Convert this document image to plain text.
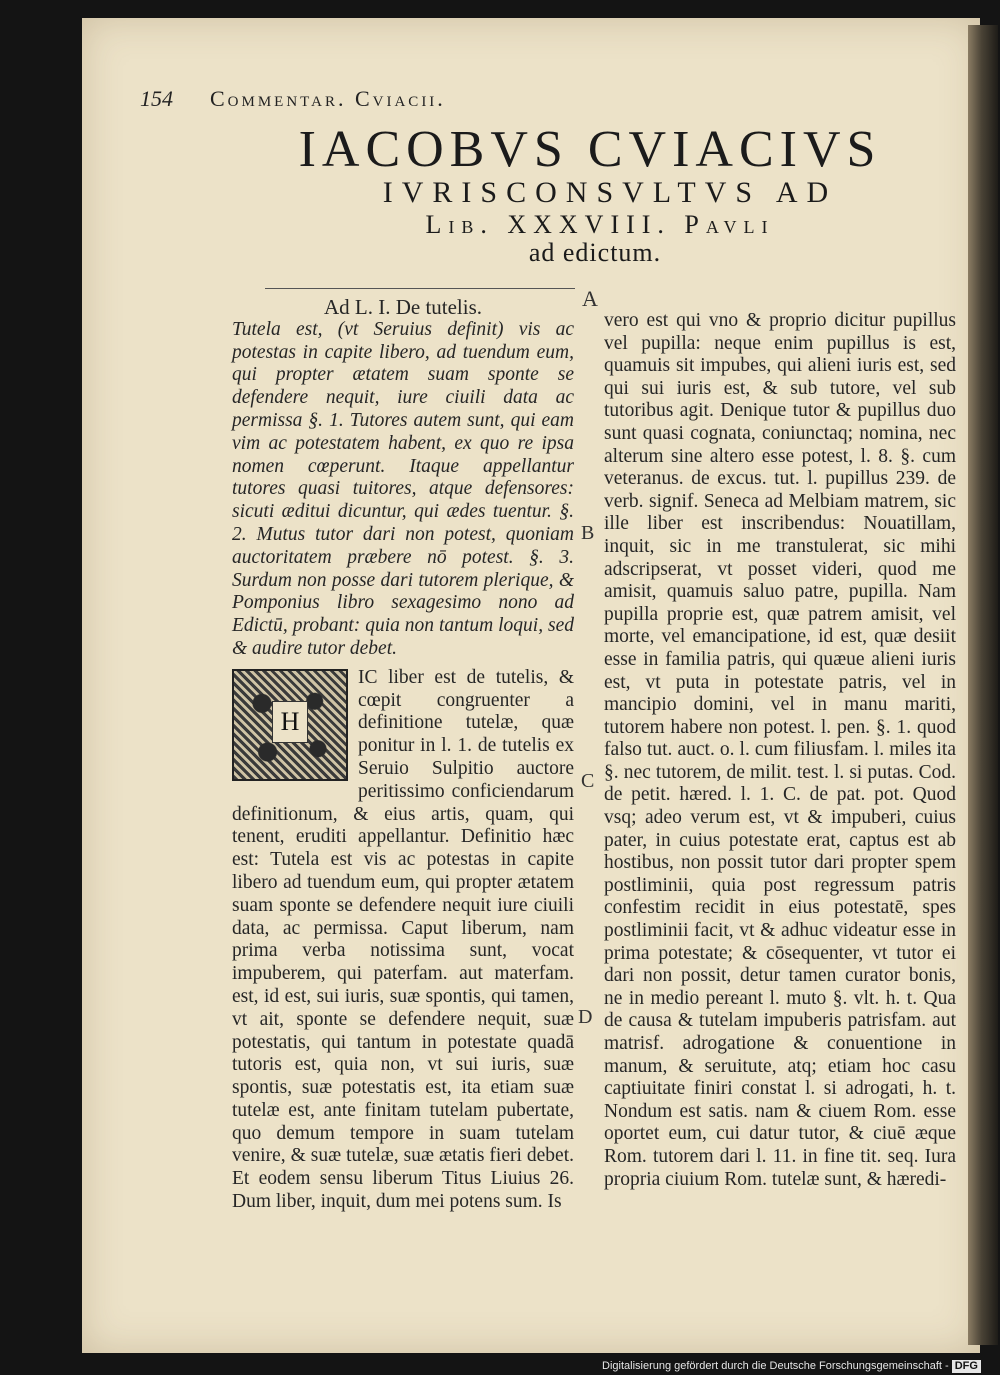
154 Commentar. Cviacii.
IACOBVS CVIACIVS
IVRISCONSVLTVS AD
Lib. XXXVIII. Pavli
ad edictum.
A
B
C
D

Ad L. I. De tutelis.

Tutela est, (vt Seruius definit) vis ac potestas in capite libero, ad tuendum eum, qui propter ætatem suam sponte se defendere nequit, iure ciuili data ac permissa §. 1. Tutores autem sunt, qui eam vim ac potestatem habent, ex quo re ipsa nomen cœperunt. Itaque appellantur tutores quasi tuitores, atque defensores: sicuti æditui dicuntur, qui ædes tuentur. §. 2. Mutus tutor dari non potest, quoniam auctoritatem præbere nō potest. §. 3. Surdum non posse dari tutorem plerique, & Pomponius libro sexagesimo nono ad Edictū, probant: quia non tantum loqui, sed & audire tutor debet.

H

IC liber est de tutelis, & cœpit congruenter a definitione tutelæ, quæ ponitur in l. 1. de tutelis ex Seruio Sulpitio auctore peritissimo conficiendarum definitionum, & eius artis, quam, qui tenent, eruditi appellantur. Definitio hæc est: Tutela est vis ac potestas in capite libero ad tuendum eum, qui propter ætatem suam sponte se defendere nequit iure ciuili data, ac permissa. Caput liberum, nam prima verba notissima sunt, vocat impuberem, qui paterfam. aut materfam. est, id est, sui iuris, suæ spontis, qui tamen, vt ait, sponte se defendere nequit, suæ potestatis, qui tantum in potestate quadā tutoris est, quia non, vt sui iuris, suæ spontis, suæ potestatis est, ita etiam suæ tutelæ est, ante finitam tutelam pubertate, quo demum tempore in suam tutelam venire, & suæ tutelæ, suæ ætatis fieri debet. Et eodem sensu liberum Titus Liuius 26. Dum liber, inquit, dum mei potens sum. Is

vero est qui vno & proprio dicitur pupillus vel pupilla: neque enim pupillus is est, quamuis sit impubes, qui alieni iuris est, sed qui sui iuris est, & sub tutore, vel sub tutoribus agit. Denique tutor & pupillus duo sunt quasi cognata, coniunctaq; nomina, nec alterum sine altero esse potest, l. 8. §. cum veteranus. de excus. tut. l. pupillus 239. de verb. signif. Seneca ad Melbiam matrem, sic ille liber est inscribendus: Nouatillam, inquit, sic in me transtulerat, sic mihi adscripserat, vt posset videri, quod me amisit, quamuis saluo patre, pupilla. Nam pupilla proprie est, quæ patrem amisit, vel morte, vel emancipatione, id est, quæ desiit esse in familia patris, qui quæue alieni iuris est, vt puta in potestate patris, vel in mancipio domini, vel in manu mariti, tutorem habere non potest. l. pen. §. 1. quod falso tut. auct. o. l. cum filiusfam. l. miles ita §. nec tutorem, de milit. test. l. si putas. Cod. de petit. hæred. l. 1. C. de pat. pot. Quod vsq; adeo verum est, vt & impuberi, cuius pater, in cuius potestate erat, captus est ab hostibus, non possit tutor dari propter spem postliminii, quia post regressum patris confestim recidit in eius potestatē, spes postliminii facit, vt & adhuc videatur esse in prima potestate; & cōsequenter, vt tutor ei dari non possit, detur tamen curator bonis, ne in medio pereant l. muto §. vlt. h. t. Qua de causa & tutelam impuberis patrisfam. aut matrisf. adrogatione & conuentione in manum, & seruitute, atq; etiam hoc casu captiuitate finiri constat l. si adrogati, h. t. Nondum est satis. nam & ciuem Rom. esse oportet eum, cui datur tutor, & ciuē æque Rom. tutorem dari l. 11. in fine tit. seq. Iura propria ciuium Rom. tutelæ sunt, & hæredi-

Digitalisierung gefördert durch die Deutsche Forschungsgemeinschaft - DFG
